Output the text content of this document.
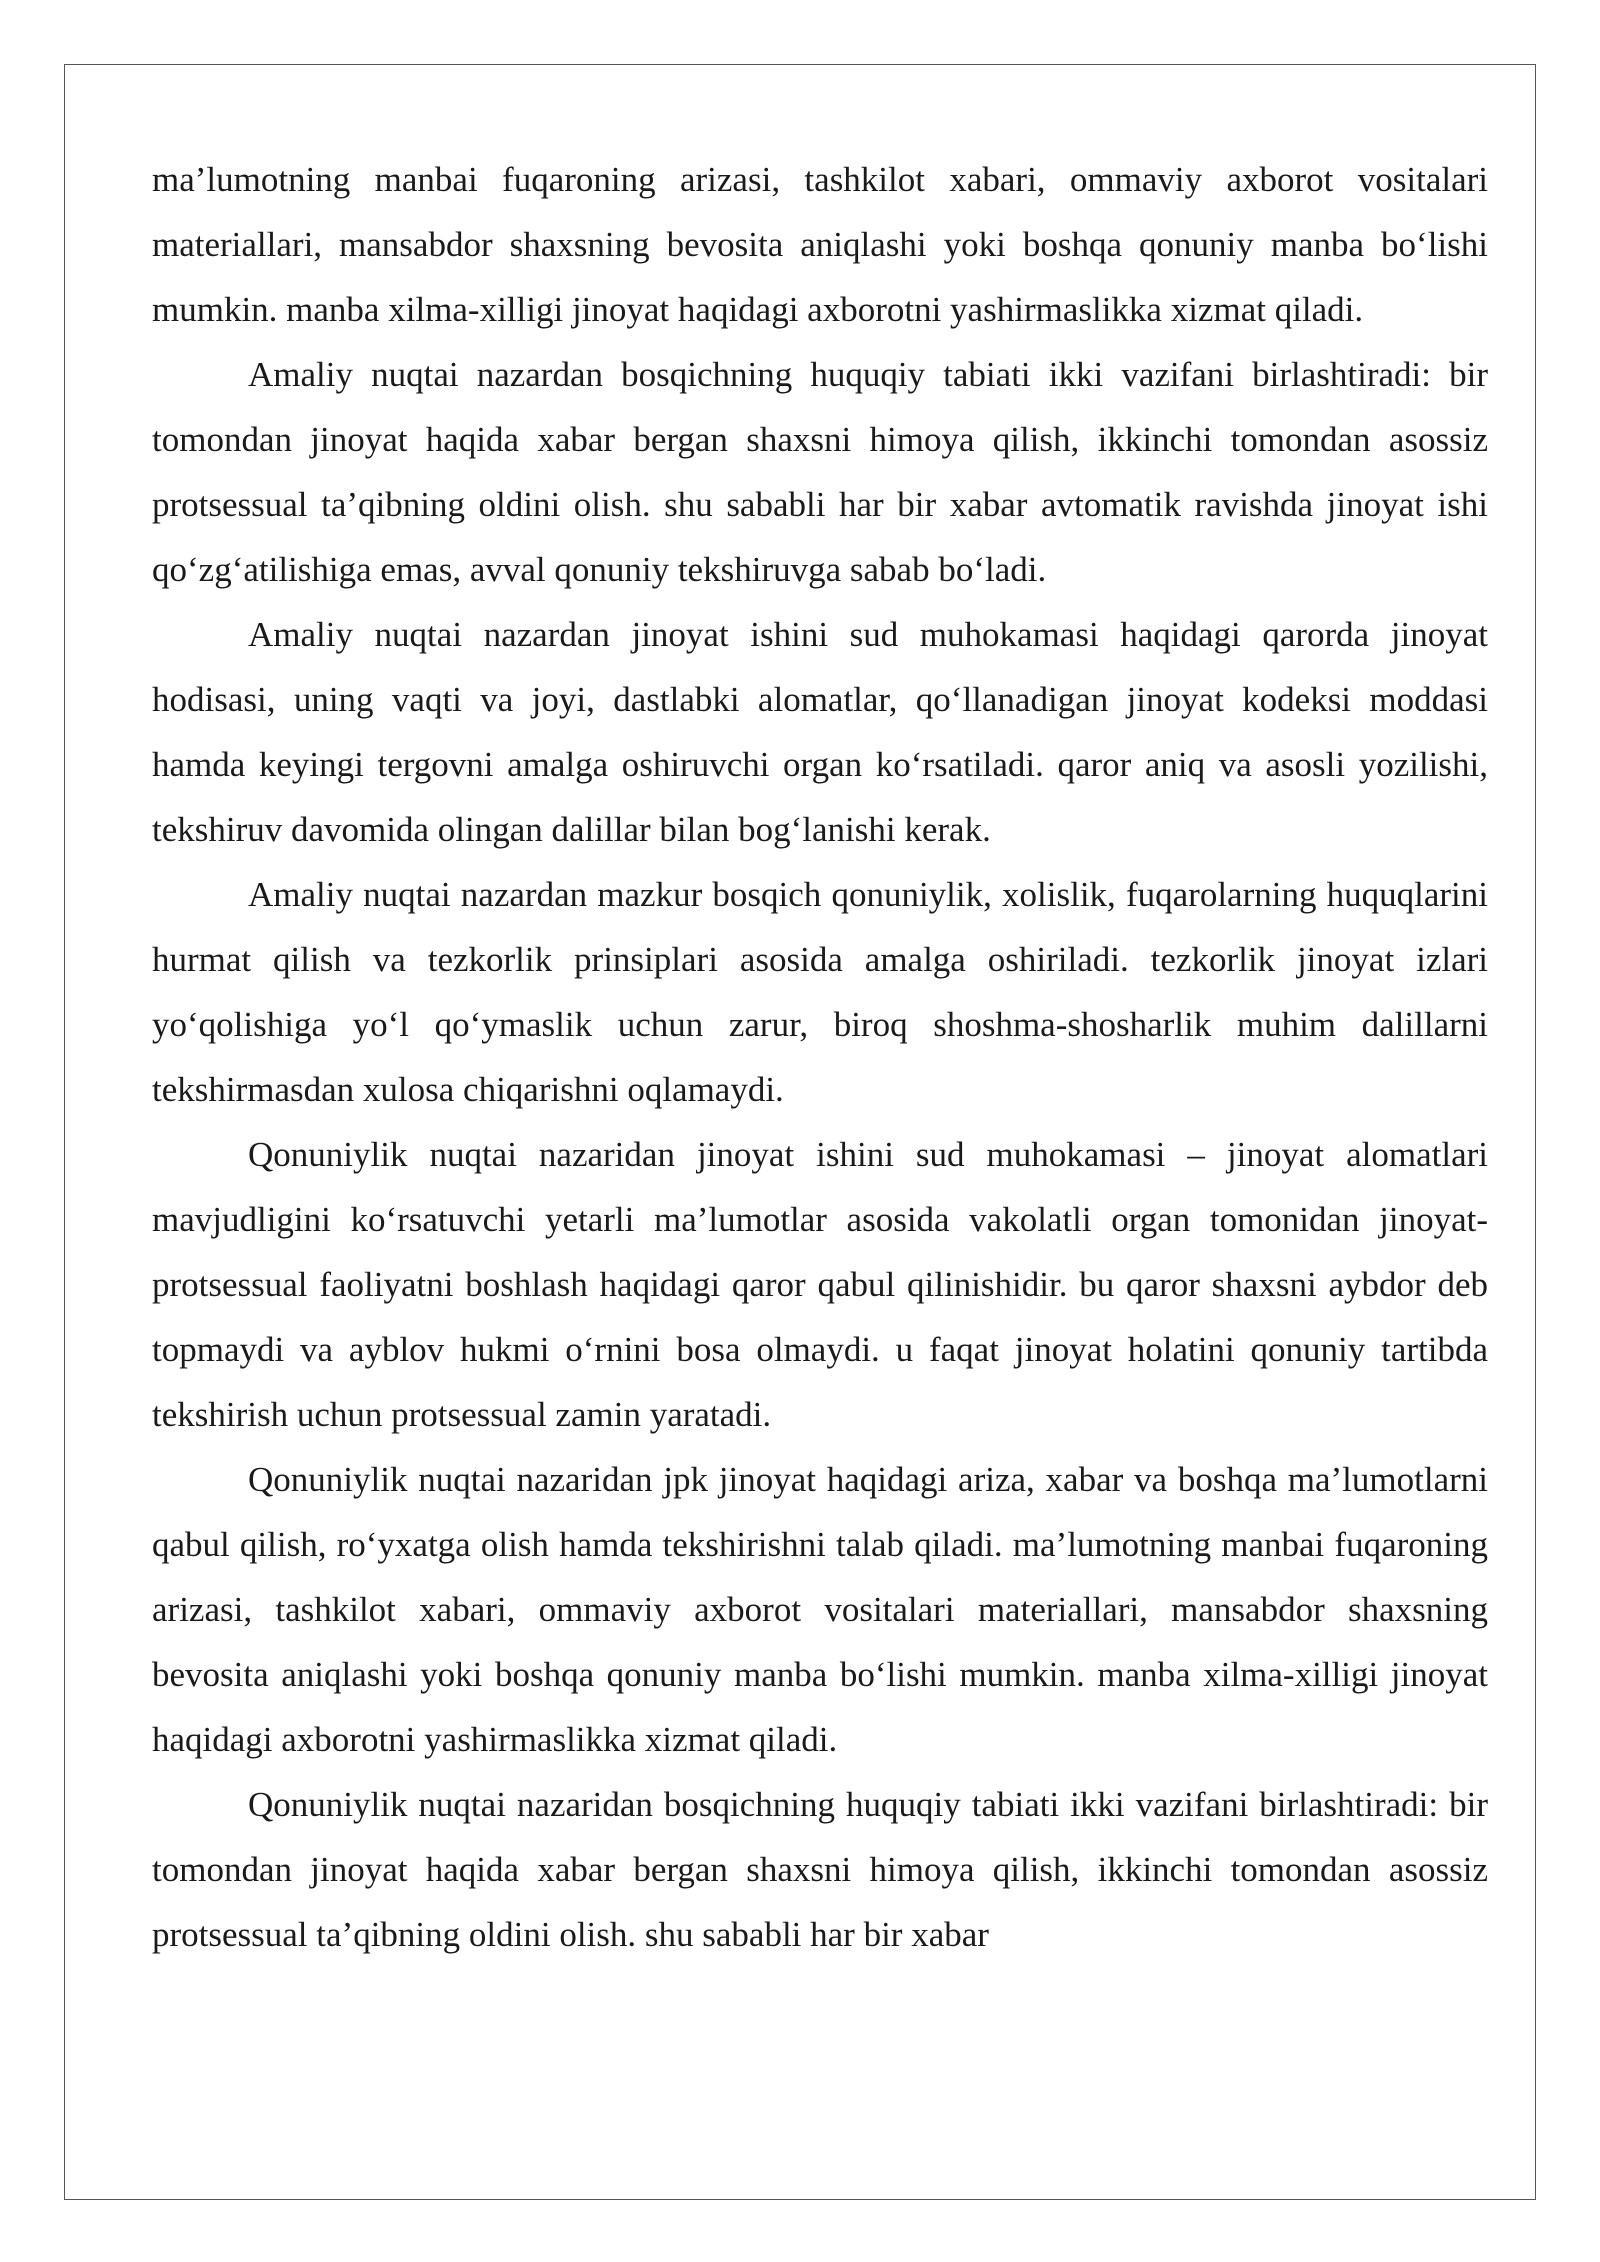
ma’lumotning manbai fuqaroning arizasi, tashkilot xabari, ommaviy axborot vositalari materiallari, mansabdor shaxsning bevosita aniqlashi yoki boshqa qonuniy manba bo‘lishi mumkin. manba xilma-xilligi jinoyat haqidagi axborotni yashirmaslikka xizmat qiladi.

Amaliy nuqtai nazardan bosqichning huquqiy tabiati ikki vazifani birlashtiradi: bir tomondan jinoyat haqida xabar bergan shaxsni himoya qilish, ikkinchi tomondan asossiz protsessual ta’qibning oldini olish. shu sababli har bir xabar avtomatik ravishda jinoyat ishi qo‘zg‘atilishiga emas, avval qonuniy tekshiruvga sabab bo‘ladi.

Amaliy nuqtai nazardan jinoyat ishini sud muhokamasi haqidagi qarorda jinoyat hodisasi, uning vaqti va joyi, dastlabki alomatlar, qo‘llanadigan jinoyat kodeksi moddasi hamda keyingi tergovni amalga oshiruvchi organ ko‘rsatiladi. qaror aniq va asosli yozilishi, tekshiruv davomida olingan dalillar bilan bog‘lanishi kerak.

Amaliy nuqtai nazardan mazkur bosqich qonuniylik, xolislik, fuqarolarning huquqlarini hurmat qilish va tezkorlik prinsiplari asosida amalga oshiriladi. tezkorlik jinoyat izlari yo‘qolishiga yo‘l qo‘ymaslik uchun zarur, biroq shoshma-shosharlik muhim dalillarni tekshirmasdan xulosa chiqarishni oqlamaydi.

Qonuniylik nuqtai nazaridan jinoyat ishini sud muhokamasi – jinoyat alomatlari mavjudligini ko‘rsatuvchi yetarli ma’lumotlar asosida vakolatli organ tomonidan jinoyat-protsessual faoliyatni boshlash haqidagi qaror qabul qilinishidir. bu qaror shaxsni aybdor deb topmaydi va ayblov hukmi o‘rnini bosa olmaydi. u faqat jinoyat holatini qonuniy tartibda tekshirish uchun protsessual zamin yaratadi.

Qonuniylik nuqtai nazaridan jpk jinoyat haqidagi ariza, xabar va boshqa ma’lumotlarni qabul qilish, ro‘yxatga olish hamda tekshirishni talab qiladi. ma’lumotning manbai fuqaroning arizasi, tashkilot xabari, ommaviy axborot vositalari materiallari, mansabdor shaxsning bevosita aniqlashi yoki boshqa qonuniy manba bo‘lishi mumkin. manba xilma-xilligi jinoyat haqidagi axborotni yashirmaslikka xizmat qiladi.

Qonuniylik nuqtai nazaridan bosqichning huquqiy tabiati ikki vazifani birlashtiradi: bir tomondan jinoyat haqida xabar bergan shaxsni himoya qilish, ikkinchi tomondan asossiz protsessual ta’qibning oldini olish. shu sababli har bir xabar
